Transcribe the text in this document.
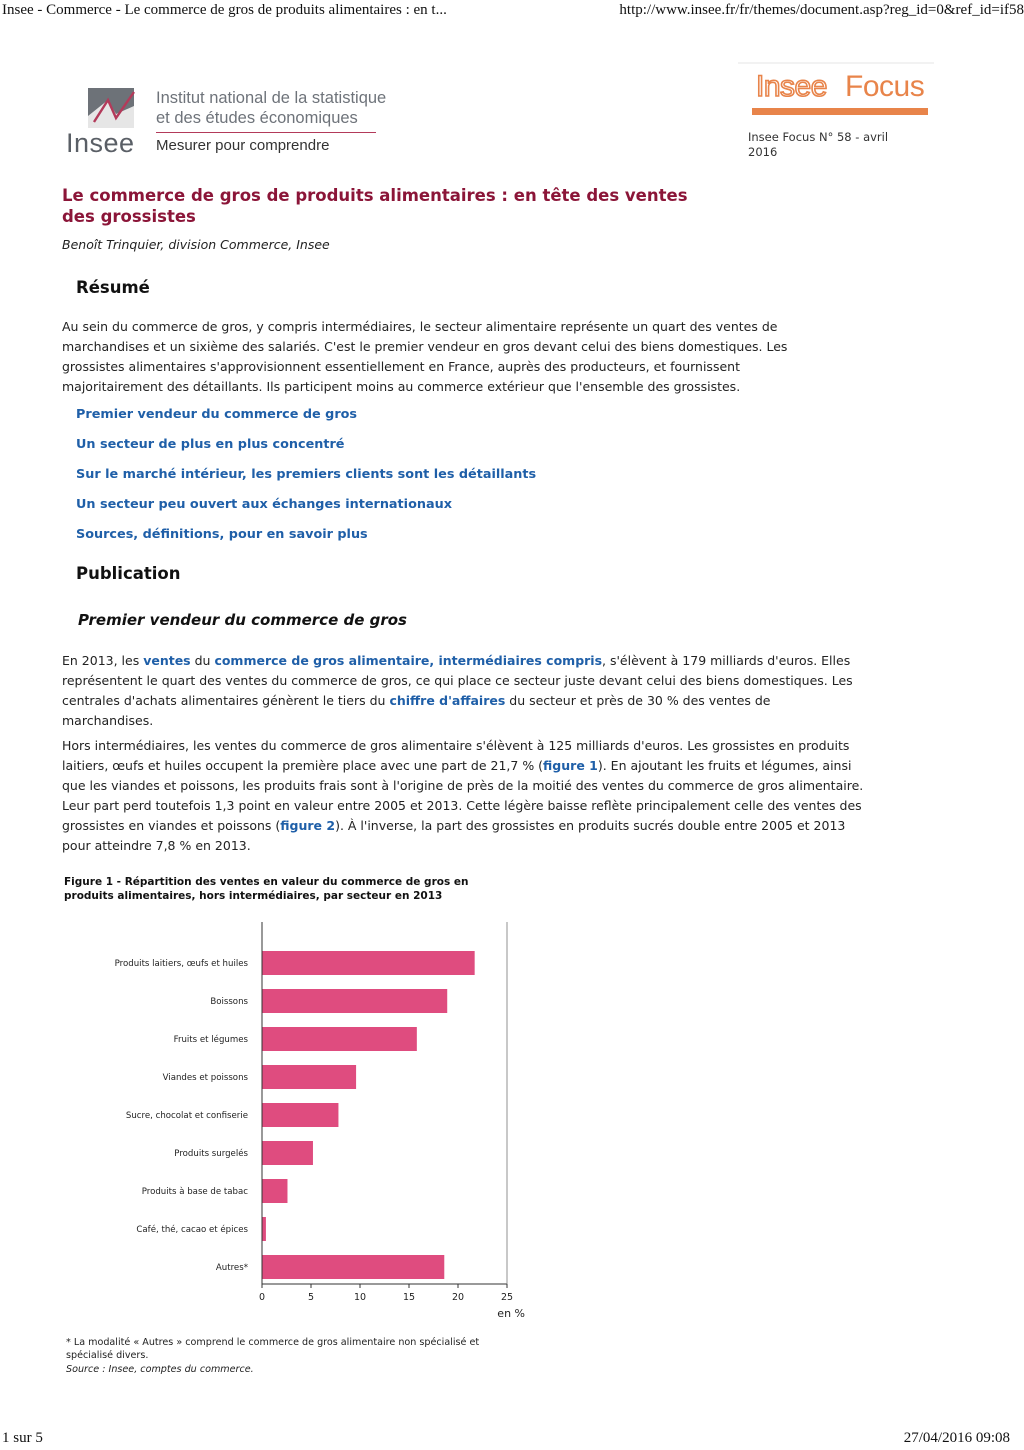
Insee - Commerce - Le commerce de gros de produits alimentaires : en t...	http://www.insee.fr/fr/themes/document.asp?reg_id=0&ref_id=if58
Insee
Institut national de la statistique
et des études économiques
Mesurer pour comprendre
Insee Focus
Insee Focus N° 58 - avril 2016
Le commerce de gros de produits alimentaires : en tête des ventes des grossistes
Benoît Trinquier, division Commerce, Insee
Résumé

Au sein du commerce de gros, y compris intermédiaires, le secteur alimentaire représente un quart des ventes de marchandises et un sixième des salariés. C'est le premier vendeur en gros devant celui des biens domestiques. Les grossistes alimentaires s'approvisionnent essentiellement en France, auprès des producteurs, et fournissent majoritairement des détaillants. Ils participent moins au commerce extérieur que l'ensemble des grossistes.

Premier vendeur du commerce de gros
Un secteur de plus en plus concentré
Sur le marché intérieur, les premiers clients sont les détaillants
Un secteur peu ouvert aux échanges internationaux
Sources, définitions, pour en savoir plus
Publication
Premier vendeur du commerce de gros

En 2013, les ventes du commerce de gros alimentaire, intermédiaires compris, s'élèvent à 179 milliards d'euros. Elles représentent le quart des ventes du commerce de gros, ce qui place ce secteur juste devant celui des biens domestiques. Les centrales d'achats alimentaires génèrent le tiers du chiffre d'affaires du secteur et près de 30 % des ventes de marchandises.

Hors intermédiaires, les ventes du commerce de gros alimentaire s'élèvent à 125 milliards d'euros. Les grossistes en produits laitiers, œufs et huiles occupent la première place avec une part de 21,7 % (figure 1). En ajoutant les fruits et légumes, ainsi que les viandes et poissons, les produits frais sont à l'origine de près de la moitié des ventes du commerce de gros alimentaire. Leur part perd toutefois 1,3 point en valeur entre 2005 et 2013. Cette légère baisse reflète principalement celle des ventes des grossistes en viandes et poissons (figure 2). À l'inverse, la part des grossistes en produits sucrés double entre 2005 et 2013 pour atteindre 7,8 % en 2013.

Figure 1 - Répartition des ventes en valeur du commerce de gros en produits alimentaires, hors intermédiaires, par secteur en 2013
Produits laitiers, œufs et huiles
Boissons
Fruits et légumes
Viandes et poissons
Sucre, chocolat et confiserie
Produits surgelés
Produits à base de tabac
Café, thé, cacao et épices
Autres*
0	5	10	15	20	25
en %
* La modalité « Autres » comprend le commerce de gros alimentaire non spécialisé et spécialisé divers.
Source : Insee, comptes du commerce.
1 sur 5	27/04/2016 09:08
